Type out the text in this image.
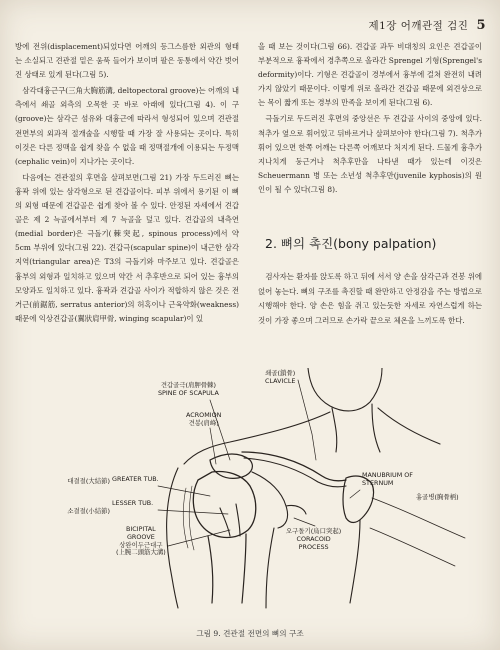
제1장 어깨관절 검진 5

방에 전위(displacement)되었다면 어깨의 등그스름한 외관의 형태는 소실되고 견관절 밑은 움푹 들어가 보이며 팔은 동통에서 약간 벗어진 상태로 있게 된다(그림 5).

삼각대흉근구(三角大胸筋溝, deltopectoral groove)는 어깨의 내측에서 쇄골 외측의 오목한 곳 바로 아래에 있다(그림 4). 이 구(groove)는 삼각근 섬유와 대흉근에 따라서 형성되어 있으며 견관절 전면부의 외과적 절개술을 시행할 때 가장 잘 사용되는 곳이다. 특히 이것은 다른 정맥을 쉽게 찾을 수 없을 때 정맥절개에 이용되는 두정맥(cephalic vein)이 지나가는 곳이다.

다음에는 견관절의 후면을 살펴보면(그림 21) 가장 두드러진 뼈는 흉곽 위에 있는 삼각형으로 된 견갑골이다. 피부 위에서 용기된 이 뼈의 외형 때문에 견갑골은 쉽게 찾아 볼 수 있다. 안정된 자세에서 견갑골은 제 2 늑골에서부터 제 7 늑골을 덮고 있다. 견갑골의 내측연(medial border)은 극돌기(棘突起, spinous process)에서 약 5cm 부위에 있다(그림 22). 견갑극(scapular spine)이 내근한 삼각지역(triangular area)은 T3의 극돌기와 마주보고 있다. 견갑골은 흉부의 외형과 일치하고 있으며 약간 서 추후반으로 되어 있는 흉부의 모양과도 일치하고 있다. 흉곽과 견갑골 사이가 적합하지 않은 것은 전거근(前鋸筋, serratus anterior)의 허혹이나 근육약화(weakness) 때문에 익상견갑골(翼狀肩甲骨, winging scapular)이 있

을 때 보는 것이다(그림 66). 견갑골 과두 비대칭의 요인은 견갑골이 부분적으로 흉곽에서 경추쪽으로 올라간 Sprengel 기형(Sprengel's deformity)이다. 기형은 견갑골이 경부에서 흉부에 걸쳐 완전히 내려가지 않았기 때문이다. 이렇게 위로 올라간 견갑골 때문에 외견상으로는 목이 짧게 또는 경부의 만족을 보이게 된다(그림 6).

극돌기로 두드러진 후면의 중앙선은 두 견갑골 사이의 중앙에 있다. 척추가 옆으로 휘어있고 뒤바르거나 살펴보아야 한다(그림 7). 척추가 휘어 있으면 한쪽 어깨는 다른쪽 어깨보다 처지게 된다. 드물게 흉추가 지나치게 둥근거나 척추후만을 나타낸 때가 있는데 이것은 Scheuermann 병 또는 소년성 척추후만(juvenile kyphosis)의 원인이 될 수 있다(그림 8).

2. 뼈의 촉진(bony palpation)

검사자는 환자를 앉도록 하고 뒤에 서서 양 손을 삼각근과 견봉 위에 얹어 놓는다. 뼈의 구조를 촉진할 때 완만하고 안정감을 주는 방법으로 시행해야 한다. 양 손은 힘을 쥐고 있는듯한 자세로 자연스럽게 하는 것이 가장 좋으며 그러므로 손가락 끝으로 체온을 느끼도록 한다.

쇄골(鎖骨)
CLAVICLE
견갑골극(肩胛骨棘)
SPINE OF SCAPULA
ACROMION
견봉(肩峰)
대결절(大結節) GREATER TUB.
소결절(小結節)
LESSER TUB.
BICIPITAL
GROOVE
상완이두근대구
(上腕二頭筋大溝)
MANUBRIUM OF
STERNUM
흉골병(胸骨柄)
오구돌기(烏口突起)
CORACOID
PROCESS
그림 9. 견관절 전면의 뼈의 구조
